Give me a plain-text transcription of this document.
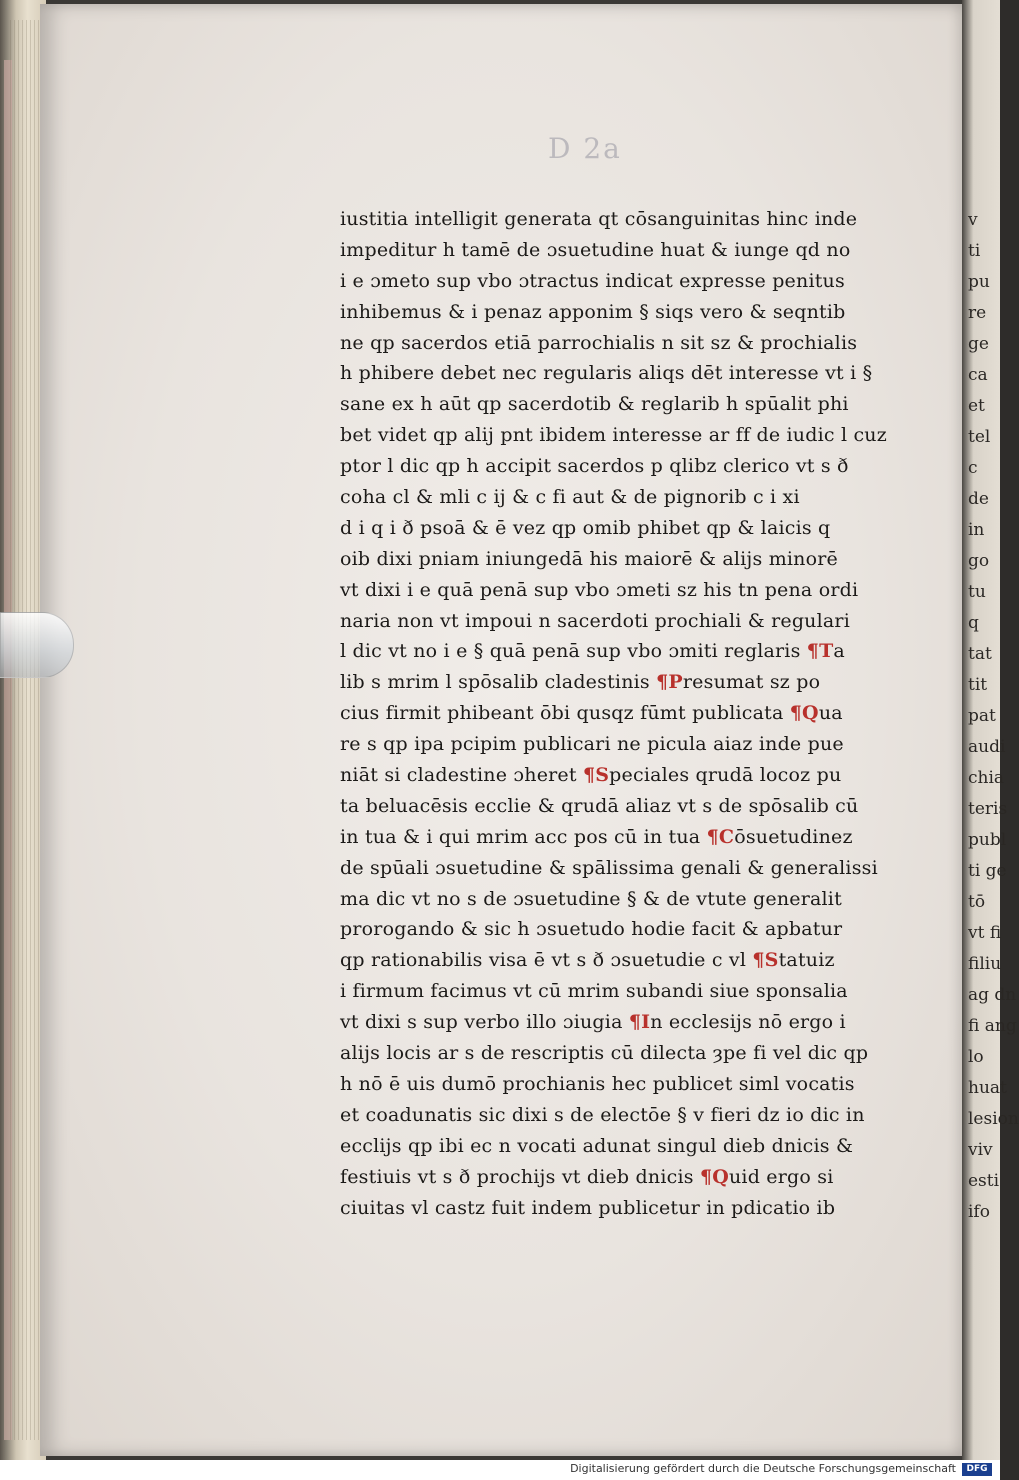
D 2a
iustitia intelligit generata qt cōsanguinitas hinc inde
impeditur h tamē de ɔsuetudine huat & iunge qd no
i e ɔmeto sup vbo ɔtractus indicat expresse penitus
inhibemus & i penaz apponim § siqs vero & seqntib
ne qp sacerdos etiā parrochialis n sit sz & prochialis
h phibere debet nec regularis aliqs dēt interesse vt i §
sane ex h aūt qp sacerdotib & reglarib h spūalit phi
bet videt qp alij pnt ibidem interesse ar ff de iudic l cuz
ptor l dic qp h accipit sacerdos p qlibz clerico vt s ð
coha cl & mli c ij & c fi aut & de pignorib c i xi
d i q i ð psoā & ē vez qp omib phibet qp & laicis q
oib dixi pniam iniungedā his maiorē & alijs minorē
vt dixi i e quā penā sup vbo ɔmeti sz his tn pena ordi
naria non vt impoui n sacerdoti prochiali & regulari
l dic vt no i e § quā penā sup vbo ɔmiti reglaris ¶Ta
lib s mrim l spōsalib cladestinis ¶Presumat sz po
cius firmit phibeant ōbi qusqz fūmt publicata ¶Qua
re s qp ipa pcipim publicari ne picula aiaz inde pue
niāt si cladestine ɔheret ¶Speciales qrudā locoz pu
ta beluacēsis ecclie & qrudā aliaz vt s de spōsalib cū
in tua & i qui mrim acc pos cū in tua ¶Cōsuetudinez
de spūali ɔsuetudine & spālissima genali & generalissi
ma dic vt no s de ɔsuetudine § & de vtute generalit
prorogando & sic h ɔsuetudo hodie facit & apbatur
qp rationabilis visa ē vt s ð ɔsuetudie c vl ¶Statuiz
i firmum facimus vt cū mrim subandi siue sponsalia
vt dixi s sup verbo illo ɔiugia ¶In ecclesijs nō ergo i
alijs locis ar s de rescriptis cū dilecta ȝpe fi vel dic qp
h nō ē uis dumō prochianis hec publicet siml vocatis
et coadunatis sic dixi s de electōe § v fieri dz io dic in
ecclijs qp ibi ec n vocati adunat singul dieb dnicis &
festiuis vt s ð prochijs vt dieb dnicis ¶Quid ergo si
ciuitas vl castz fuit indem publicetur in pdicatio ib
v
ti
pu
re
ge
ca
et
tel
c
de
in
go
tu
q
tat
tit
pat
audi
chia
teris
publ
ti ge
tō
vt fi
filiu
ag dn
fi ang
lo
huat
lesion
viv
esti
ifo
Digitalisierung gefördert durch die Deutsche Forschungsgemeinschaft	DFG
